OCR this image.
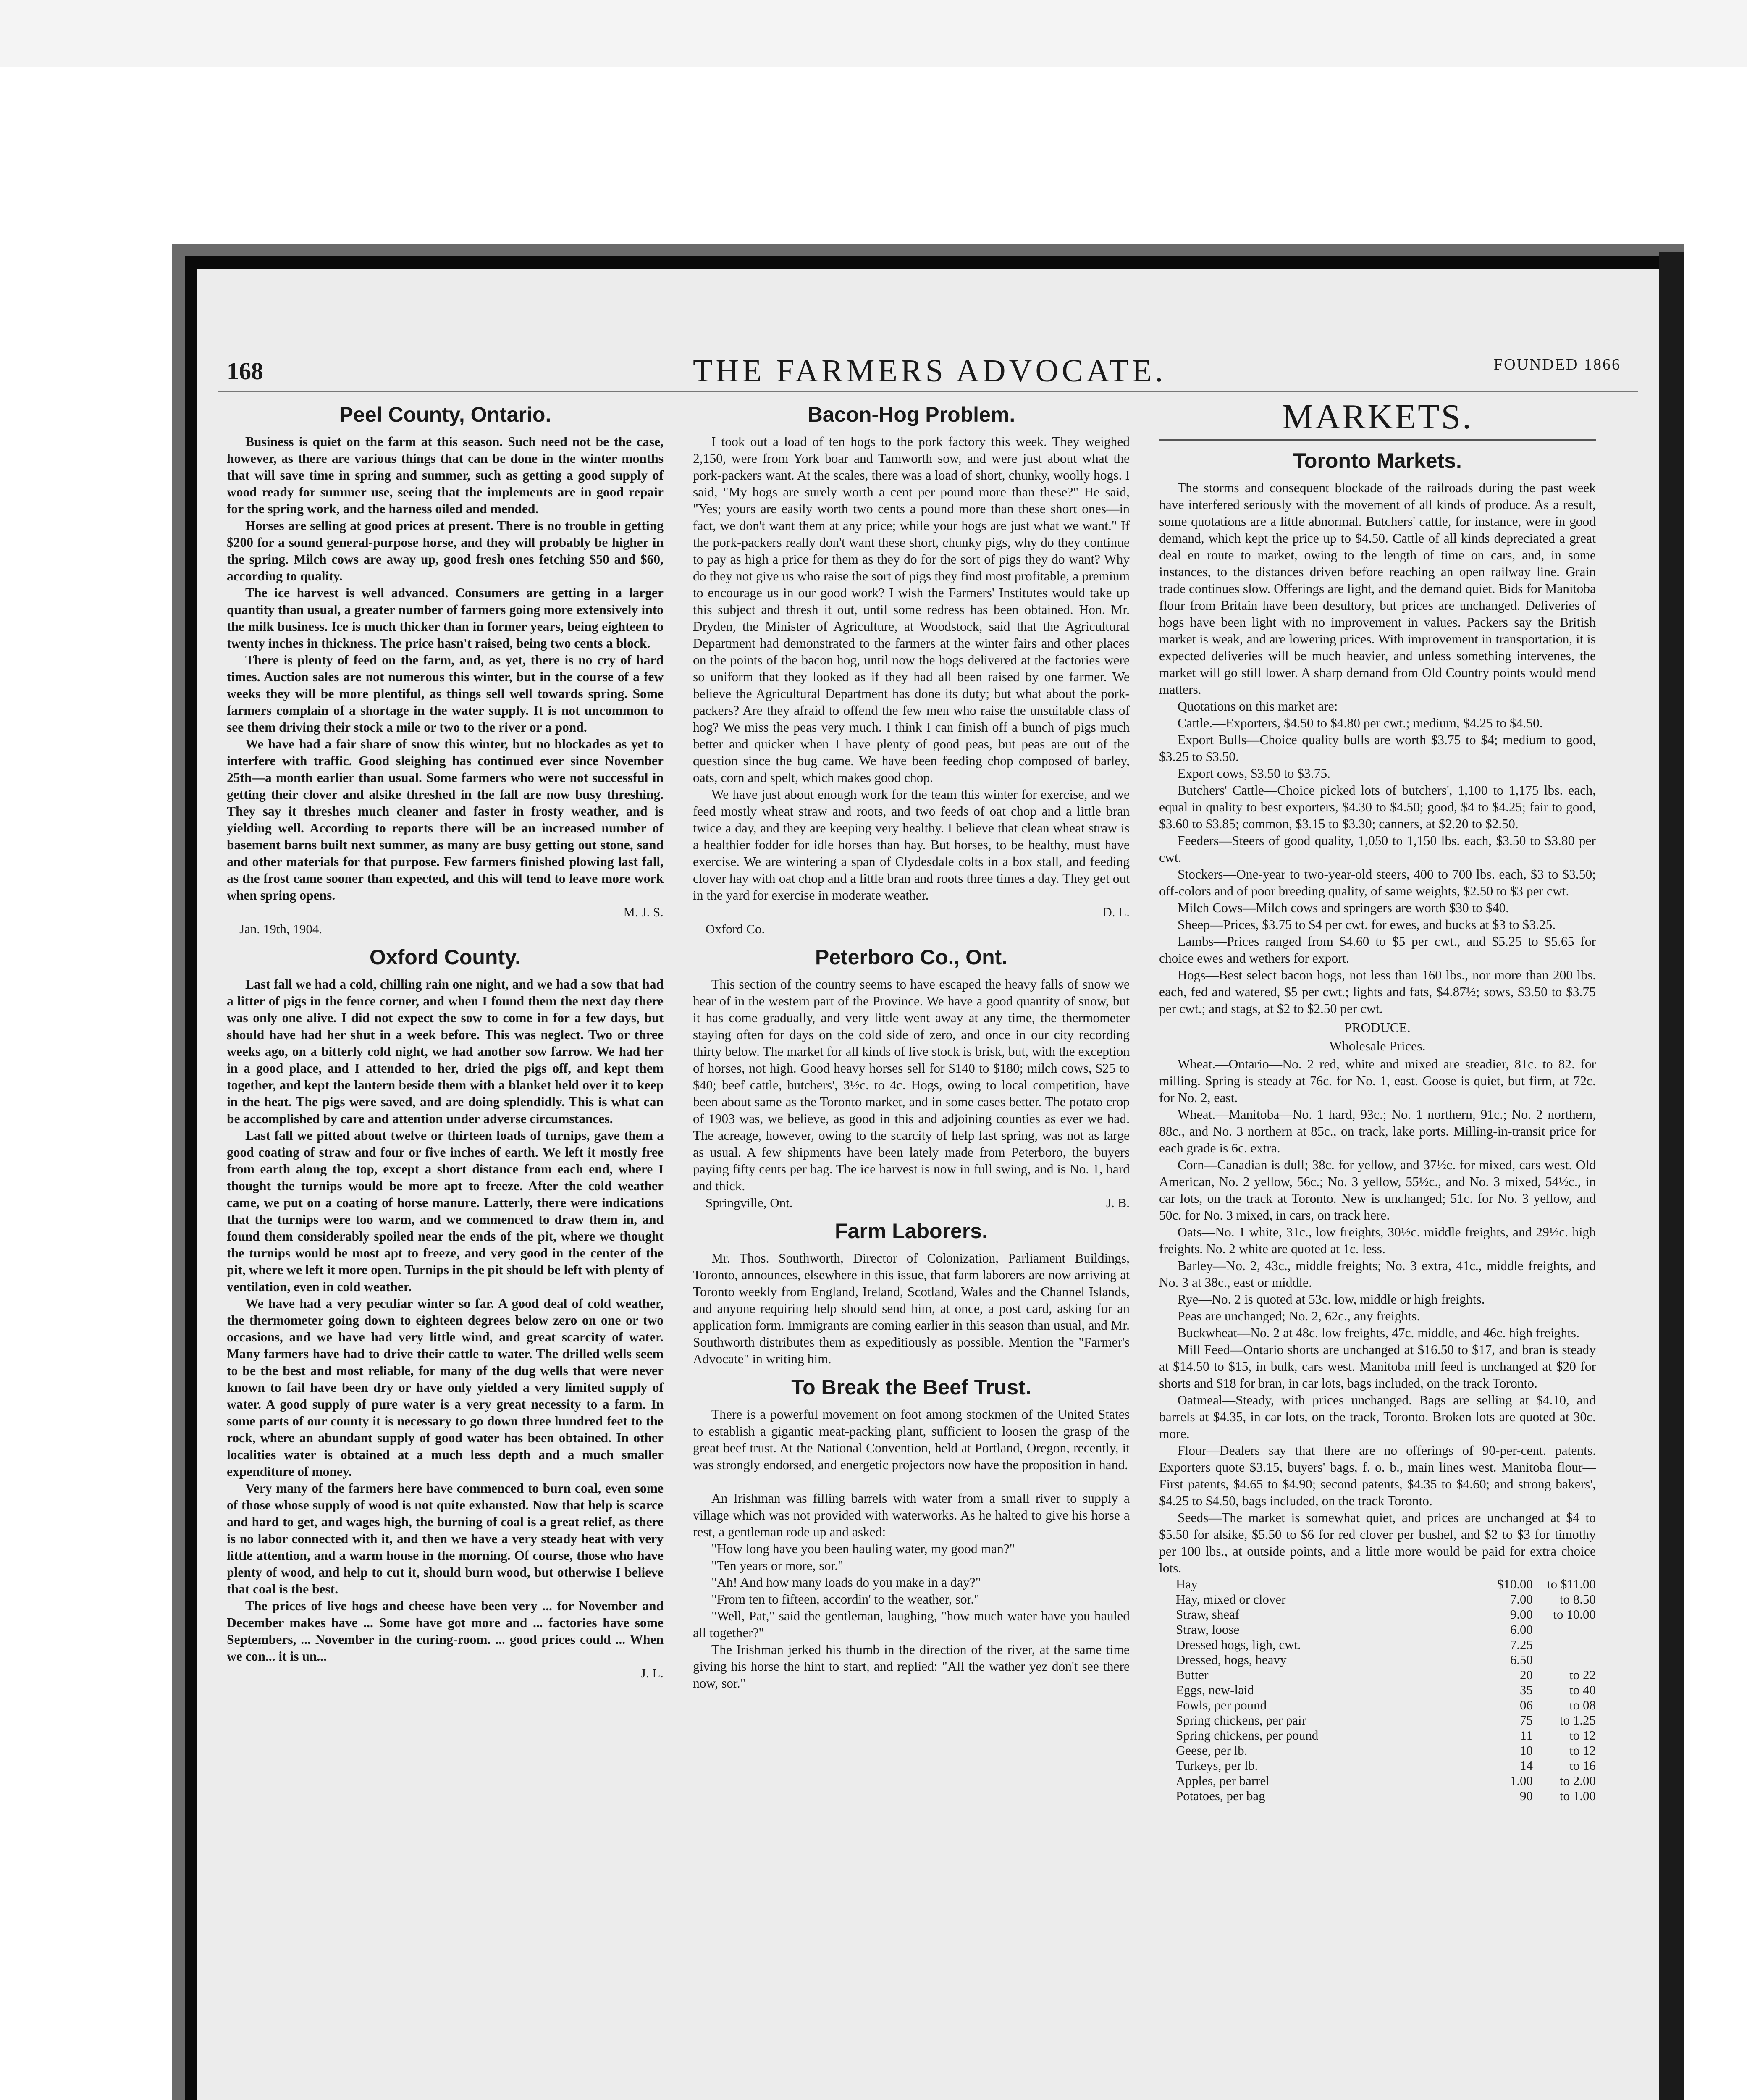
168	THE FARMERS ADVOCATE.	FOUNDED 1866
Peel County, Ontario.

Business is quiet on the farm at this season. Such need not be the case, however, as there are various things that can be done in the winter months that will save time in spring and summer, such as getting a good supply of wood ready for summer use, seeing that the implements are in good repair for the spring work, and the harness oiled and mended.

Horses are selling at good prices at present. There is no trouble in getting $200 for a sound general-purpose horse, and they will probably be higher in the spring. Milch cows are away up, good fresh ones fetching $50 and $60, according to quality.

The ice harvest is well advanced. Consumers are getting in a larger quantity than usual, a greater number of farmers going more extensively into the milk business. Ice is much thicker than in former years, being eighteen to twenty inches in thickness. The price hasn't raised, being two cents a block.

There is plenty of feed on the farm, and, as yet, there is no cry of hard times. Auction sales are not numerous this winter, but in the course of a few weeks they will be more plentiful, as things sell well towards spring. Some farmers complain of a shortage in the water supply. It is not uncommon to see them driving their stock a mile or two to the river or a pond.

We have had a fair share of snow this winter, but no blockades as yet to interfere with traffic. Good sleighing has continued ever since November 25th—a month earlier than usual. Some farmers who were not successful in getting their clover and alsike threshed in the fall are now busy threshing. They say it threshes much cleaner and faster in frosty weather, and is yielding well. According to reports there will be an increased number of basement barns built next summer, as many are busy getting out stone, sand and other materials for that purpose. Few farmers finished plowing last fall, as the frost came sooner than expected, and this will tend to leave more work when spring opens.

M. J. S.
Jan. 19th, 1904.
Oxford County.

Last fall we had a cold, chilling rain one night, and we had a sow that had a litter of pigs in the fence corner, and when I found them the next day there was only one alive. I did not expect the sow to come in for a few days, but should have had her shut in a week before. This was neglect. Two or three weeks ago, on a bitterly cold night, we had another sow farrow. We had her in a good place, and I attended to her, dried the pigs off, and kept them together, and kept the lantern beside them with a blanket held over it to keep in the heat. The pigs were saved, and are doing splendidly. This is what can be accomplished by care and attention under adverse circumstances.

Last fall we pitted about twelve or thirteen loads of turnips, gave them a good coating of straw and four or five inches of earth. We left it mostly free from earth along the top, except a short distance from each end, where I thought the turnips would be more apt to freeze. After the cold weather came, we put on a coating of horse manure. Latterly, there were indications that the turnips were too warm, and we commenced to draw them in, and found them considerably spoiled near the ends of the pit, where we thought the turnips would be most apt to freeze, and very good in the center of the pit, where we left it more open. Turnips in the pit should be left with plenty of ventilation, even in cold weather.

We have had a very peculiar winter so far. A good deal of cold weather, the thermometer going down to eighteen degrees below zero on one or two occasions, and we have had very little wind, and great scarcity of water. Many farmers have had to drive their cattle to water. The drilled wells seem to be the best and most reliable, for many of the dug wells that were never known to fail have been dry or have only yielded a very limited supply of water. A good supply of pure water is a very great necessity to a farm. In some parts of our county it is necessary to go down three hundred feet to the rock, where an abundant supply of good water has been obtained. In other localities water is obtained at a much less depth and a much smaller expenditure of money.

Very many of the farmers here have commenced to burn coal, even some of those whose supply of wood is not quite exhausted. Now that help is scarce and hard to get, and wages high, the burning of coal is a great relief, as there is no labor connected with it, and then we have a very steady heat with very little attention, and a warm house in the morning. Of course, those who have plenty of wood, and help to cut it, should burn wood, but otherwise I believe that coal is the best.

The prices of live hogs and cheese have been very ... for November and December makes have ... Some have got more and ... factories have some Septembers, ... November in the curing-room. ... good prices could ... When we con... it is un...

J. L.
Bacon-Hog Problem.

I took out a load of ten hogs to the pork factory this week. They weighed 2,150, were from York boar and Tamworth sow, and were just about what the pork-packers want. At the scales, there was a load of short, chunky, woolly hogs. I said, "My hogs are surely worth a cent per pound more than these?" He said, "Yes; yours are easily worth two cents a pound more than these short ones—in fact, we don't want them at any price; while your hogs are just what we want." If the pork-packers really don't want these short, chunky pigs, why do they continue to pay as high a price for them as they do for the sort of pigs they do want? Why do they not give us who raise the sort of pigs they find most profitable, a premium to encourage us in our good work? I wish the Farmers' Institutes would take up this subject and thresh it out, until some redress has been obtained. Hon. Mr. Dryden, the Minister of Agriculture, at Woodstock, said that the Agricultural Department had demonstrated to the farmers at the winter fairs and other places on the points of the bacon hog, until now the hogs delivered at the factories were so uniform that they looked as if they had all been raised by one farmer. We believe the Agricultural Department has done its duty; but what about the pork-packers? Are they afraid to offend the few men who raise the unsuitable class of hog? We miss the peas very much. I think I can finish off a bunch of pigs much better and quicker when I have plenty of good peas, but peas are out of the question since the bug came. We have been feeding chop composed of barley, oats, corn and spelt, which makes good chop.

We have just about enough work for the team this winter for exercise, and we feed mostly wheat straw and roots, and two feeds of oat chop and a little bran twice a day, and they are keeping very healthy. I believe that clean wheat straw is a healthier fodder for idle horses than hay. But horses, to be healthy, must have exercise. We are wintering a span of Clydesdale colts in a box stall, and feeding clover hay with oat chop and a little bran and roots three times a day. They get out in the yard for exercise in moderate weather.

D. L.
Oxford Co.
Peterboro Co., Ont.

This section of the country seems to have escaped the heavy falls of snow we hear of in the western part of the Province. We have a good quantity of snow, but it has come gradually, and very little went away at any time, the thermometer staying often for days on the cold side of zero, and once in our city recording thirty below. The market for all kinds of live stock is brisk, but, with the exception of horses, not high. Good heavy horses sell for $140 to $180; milch cows, $25 to $40; beef cattle, butchers', 3½c. to 4c. Hogs, owing to local competition, have been about same as the Toronto market, and in some cases better. The potato crop of 1903 was, we believe, as good in this and adjoining counties as ever we had. The acreage, however, owing to the scarcity of help last spring, was not as large as usual. A few shipments have been lately made from Peterboro, the buyers paying fifty cents per bag. The ice harvest is now in full swing, and is No. 1, hard and thick.

Springville, Ont.	J. B.
Farm Laborers.

Mr. Thos. Southworth, Director of Colonization, Parliament Buildings, Toronto, announces, elsewhere in this issue, that farm laborers are now arriving at Toronto weekly from England, Ireland, Scotland, Wales and the Channel Islands, and anyone requiring help should send him, at once, a post card, asking for an application form. Immigrants are coming earlier in this season than usual, and Mr. Southworth distributes them as expeditiously as possible. Mention the "Farmer's Advocate" in writing him.

To Break the Beef Trust.

There is a powerful movement on foot among stockmen of the United States to establish a gigantic meat-packing plant, sufficient to loosen the grasp of the great beef trust. At the National Convention, held at Portland, Oregon, recently, it was strongly endorsed, and energetic projectors now have the proposition in hand.

An Irishman was filling barrels with water from a small river to supply a village which was not provided with waterworks. As he halted to give his horse a rest, a gentleman rode up and asked:

"How long have you been hauling water, my good man?"

"Ten years or more, sor."

"Ah! And how many loads do you make in a day?"

"From ten to fifteen, accordin' to the weather, sor."

"Well, Pat," said the gentleman, laughing, "how much water have you hauled all together?"

The Irishman jerked his thumb in the direction of the river, at the same time giving his horse the hint to start, and replied: "All the wather yez don't see there now, sor."

MARKETS.
Toronto Markets.

The storms and consequent blockade of the railroads during the past week have interfered seriously with the movement of all kinds of produce. As a result, some quotations are a little abnormal. Butchers' cattle, for instance, were in good demand, which kept the price up to $4.50. Cattle of all kinds depreciated a great deal en route to market, owing to the length of time on cars, and, in some instances, to the distances driven before reaching an open railway line. Grain trade continues slow. Offerings are light, and the demand quiet. Bids for Manitoba flour from Britain have been desultory, but prices are unchanged. Deliveries of hogs have been light with no improvement in values. Packers say the British market is weak, and are lowering prices. With improvement in transportation, it is expected deliveries will be much heavier, and unless something intervenes, the market will go still lower. A sharp demand from Old Country points would mend matters.

Quotations on this market are:

Cattle.—Exporters, $4.50 to $4.80 per cwt.; medium, $4.25 to $4.50.

Export Bulls—Choice quality bulls are worth $3.75 to $4; medium to good, $3.25 to $3.50.

Export cows, $3.50 to $3.75.

Butchers' Cattle—Choice picked lots of butchers', 1,100 to 1,175 lbs. each, equal in quality to best exporters, $4.30 to $4.50; good, $4 to $4.25; fair to good, $3.60 to $3.85; common, $3.15 to $3.30; canners, at $2.20 to $2.50.

Feeders—Steers of good quality, 1,050 to 1,150 lbs. each, $3.50 to $3.80 per cwt.

Stockers—One-year to two-year-old steers, 400 to 700 lbs. each, $3 to $3.50; off-colors and of poor breeding quality, of same weights, $2.50 to $3 per cwt.

Milch Cows—Milch cows and springers are worth $30 to $40.

Sheep—Prices, $3.75 to $4 per cwt. for ewes, and bucks at $3 to $3.25.

Lambs—Prices ranged from $4.60 to $5 per cwt., and $5.25 to $5.65 for choice ewes and wethers for export.

Hogs—Best select bacon hogs, not less than 160 lbs., nor more than 200 lbs. each, fed and watered, $5 per cwt.; lights and fats, $4.87½; sows, $3.50 to $3.75 per cwt.; and stags, at $2 to $2.50 per cwt.

PRODUCE.
Wholesale Prices.

Wheat.—Ontario—No. 2 red, white and mixed are steadier, 81c. to 82. for milling. Spring is steady at 76c. for No. 1, east. Goose is quiet, but firm, at 72c. for No. 2, east.

Wheat.—Manitoba—No. 1 hard, 93c.; No. 1 northern, 91c.; No. 2 northern, 88c., and No. 3 northern at 85c., on track, lake ports. Milling-in-transit price for each grade is 6c. extra.

Corn—Canadian is dull; 38c. for yellow, and 37½c. for mixed, cars west. Old American, No. 2 yellow, 56c.; No. 3 yellow, 55½c., and No. 3 mixed, 54½c., in car lots, on the track at Toronto. New is unchanged; 51c. for No. 3 yellow, and 50c. for No. 3 mixed, in cars, on track here.

Oats—No. 1 white, 31c., low freights, 30½c. middle freights, and 29½c. high freights. No. 2 white are quoted at 1c. less.

Barley—No. 2, 43c., middle freights; No. 3 extra, 41c., middle freights, and No. 3 at 38c., east or middle.

Rye—No. 2 is quoted at 53c. low, middle or high freights.

Peas are unchanged; No. 2, 62c., any freights.

Buckwheat—No. 2 at 48c. low freights, 47c. middle, and 46c. high freights.

Mill Feed—Ontario shorts are unchanged at $16.50 to $17, and bran is steady at $14.50 to $15, in bulk, cars west. Manitoba mill feed is unchanged at $20 for shorts and $18 for bran, in car lots, bags included, on the track Toronto.

Oatmeal—Steady, with prices unchanged. Bags are selling at $4.10, and barrels at $4.35, in car lots, on the track, Toronto. Broken lots are quoted at 30c. more.

Flour—Dealers say that there are no offerings of 90-per-cent. patents. Exporters quote $3.15, buyers' bags, f. o. b., main lines west. Manitoba flour—First patents, $4.65 to $4.90; second patents, $4.35 to $4.60; and strong bakers', $4.25 to $4.50, bags included, on the track Toronto.

Seeds—The market is somewhat quiet, and prices are unchanged at $4 to $5.50 for alsike, $5.50 to $6 for red clover per bushel, and $2 to $3 for timothy per 100 lbs., at outside points, and a little more would be paid for extra choice lots.

Hay	$10.00	to $11.00
Hay, mixed or clover	7.00	to 8.50
Straw, sheaf	9.00	to 10.00
Straw, loose	6.00	
Dressed hogs, ligh, cwt.	7.25	
Dressed, hogs, heavy	6.50	
Butter	20	to 22
Eggs, new-laid	35	to 40
Fowls, per pound	06	to 08
Spring chickens, per pair	75	to 1.25
Spring chickens, per pound	11	to 12
Geese, per lb.	10	to 12
Turkeys, per lb.	14	to 16
Apples, per barrel	1.00	to 2.00
Potatoes, per bag	90	to 1.00
